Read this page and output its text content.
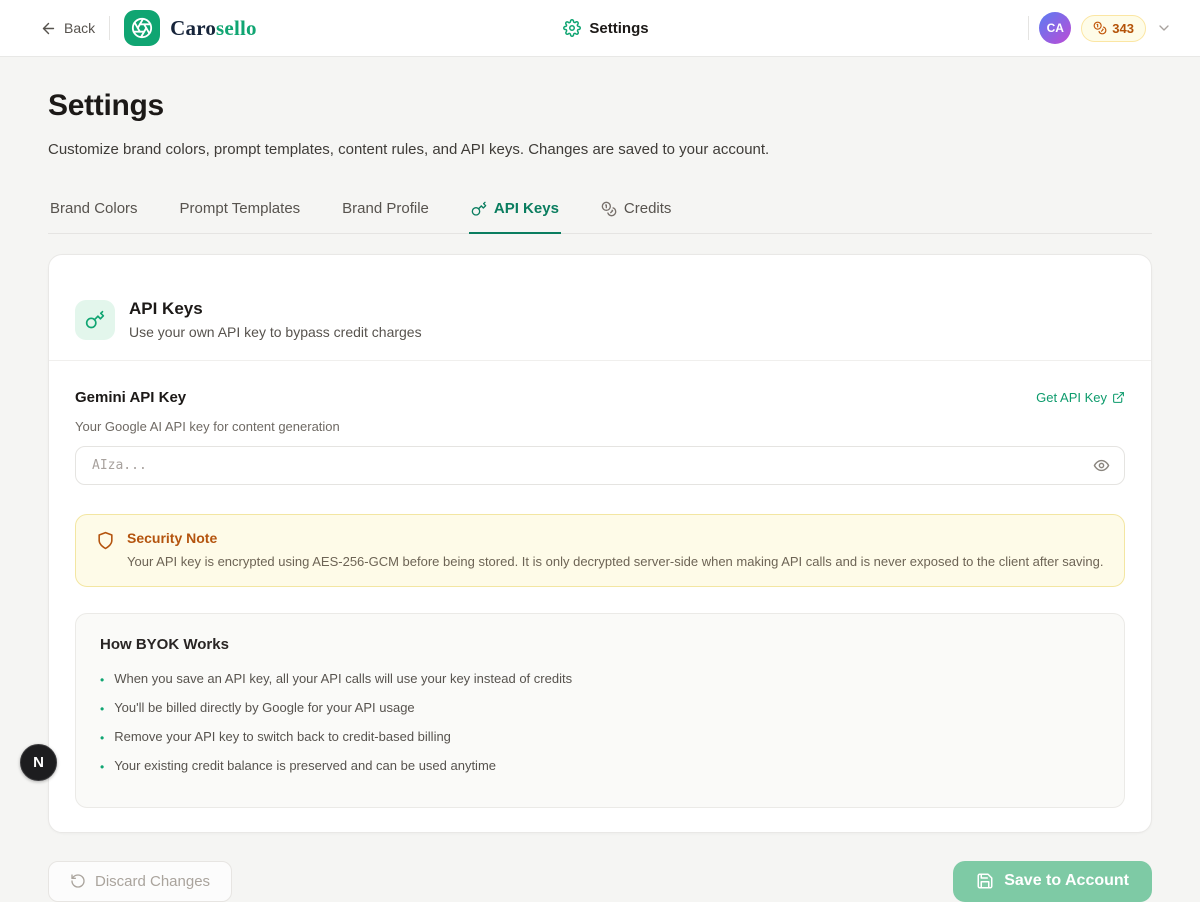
Back	Carosello	Settings	CA	343
Settings

Customize brand colors, prompt templates, content rules, and API keys. Changes are saved to your account.

Brand Colors	Prompt Templates	Brand Profile	API Keys	Credits
API Keys
Use your own API key to bypass credit charges
Gemini API Key	Get API Key

Your Google AI API key for content generation

AIza...
Security Note
Your API key is encrypted using AES-256-GCM before being stored. It is only decrypted server-side when making API calls and is never exposed to the client after saving.
How BYOK Works
• When you save an API key, all your API calls will use your key instead of credits
• You'll be billed directly by Google for your API usage
• Remove your API key to switch back to credit-based billing
• Your existing credit balance is preserved and can be used anytime
Discard Changes	Save to Account
N
